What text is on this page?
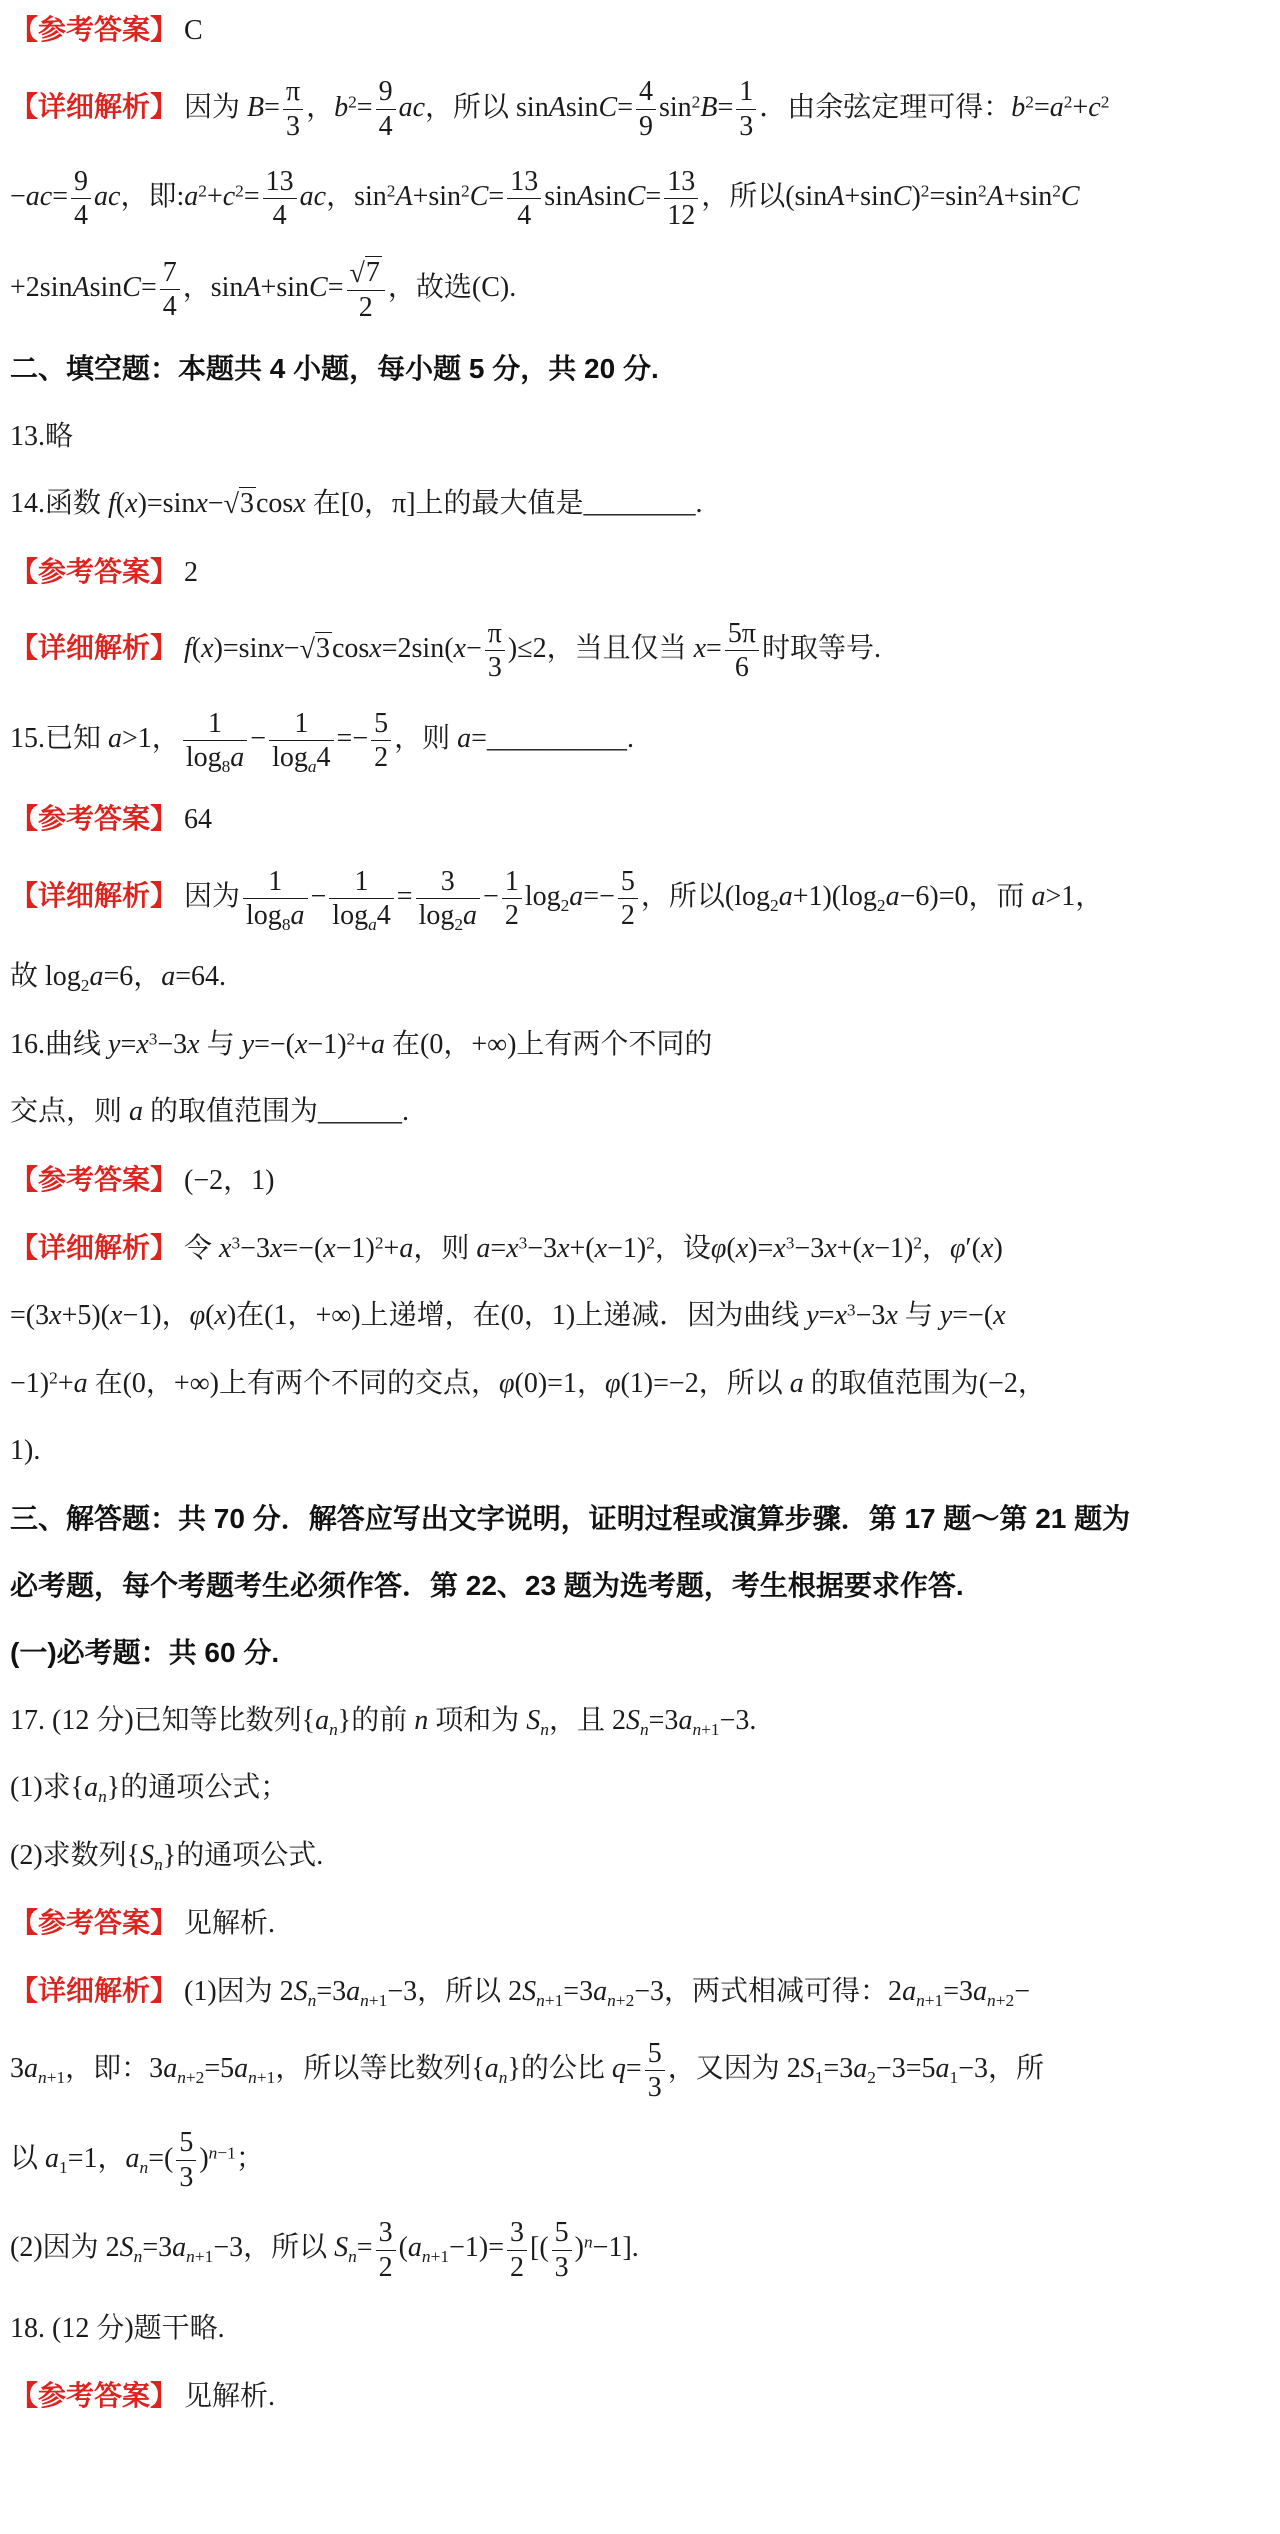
【参考答案】 C

【详细解析】 因为 $B= \frac{\pi}{3}$ ，$b^2= \frac{9}{4}$ ac，所以 sinAsinC= $\frac{4}{9} \sin^2B= \frac{1}{3}$ ．由余弦定理可得：$b^2=a^2+c^2$

$-ac= \frac{9}{4}$ ac，即$:a^2+c^2= \frac{13}{4}$ ac，$\sin^2A+\sin^2C= \frac{13}{4}$ sinAsinC= $\frac{13}{12}$ ，所以$(\sin A+\sin C)^2=\sin^2A+\sin^2C$

+2sinAsinC= $\frac{7}{4}$ ，$\sin A+\sin C= \frac{√7}{2}$ ，故选(C).

二、填空题：本题共 4 小题，每小题 5 分，共 20 分.

13.略

14.函数 f(x)=sinx−√3cosx 在[0，π]上的最大值是________.

【参考答案】 2

【详细解析】 $f(x)=\sin x-√3\cos x=2\sin(x- \frac{\pi}{3} )\le 2$，当且仅当 $x= \frac{5\pi}{6}$ 时取等号.

15.已知 a>1， $\frac{1}{\log_8a} - \frac{1}{\log_a4} =- \frac{5}{2}$ ，则 a=__________.

【参考答案】 64

【详细解析】 因为 $\frac{1}{\log_8a} - \frac{1}{\log_a4} = \frac{3}{\log_2a} - \frac{1}{2} \log_2a=- \frac{5}{2}$ ，所以$(\log_2a+1)(\log_2a-6)=0$，而 a>1，

故 $\log_2a=6$，a=64.

16.曲线 $y=x^3-3x$ 与 $y=-(x-1)^2+a$ 在(0，+∞)上有两个不同的

交点，则 a 的取值范围为______.

【参考答案】 (−2，1)

【详细解析】 令 $x^3-3x=-(x-1)^2+a$，则 $a=x^3-3x+(x-1)^2$，设$\varphi(x)=x^3-3x+(x-1)^2$，φ′(x)

=(3x+5)(x−1)，φ(x)在(1，+∞)上递增，在(0，1)上递减．因为曲线 $y=x^3-3x$ 与 y=−(x

−1)$^2$+a 在(0，+∞)上有两个不同的交点，φ(0)=1，φ(1)=−2，所以 a 的取值范围为(−2，

1).

三、解答题：共 70 分．解答应写出文字说明，证明过程或演算步骤．第 17 题～第 21 题为

必考题，每个考题考生必须作答．第 22、23 题为选考题，考生根据要求作答.

(一)必考题：共 60 分.

17. (12 分)已知等比数列$\{a_n\}$的前 n 项和为 $S_n$，且 $2S_n=3a_{n+1}-3$.

(1)求$\{a_n\}$的通项公式；

(2)求数列$\{S_n\}$的通项公式.

【参考答案】 见解析.

【详细解析】 (1)因为 $2S_n=3a_{n+1}-3$，所以 $2S_{n+1}=3a_{n+2}-3$，两式相减可得：$2a_{n+1}=3a_{n+2}-$

$3a_{n+1}$，即：$3a_{n+2}=5a_{n+1}$，所以等比数列$\{a_n\}$的公比 $q= \frac{5}{3}$ ，又因为 $2S_1=3a_2-3=5a_1-3$，所

以 $a_1=1$，$a_n=( \frac{5}{3} )^{n-1}$；

(2)因为 $2S_n=3a_{n+1}-3$，所以 $S_n= \frac{3}{2} (a_{n+1}-1)= \frac{3}{2}$ [( $\frac{5}{3} )^n-1$].

18. (12 分)题干略.

【参考答案】 见解析.
